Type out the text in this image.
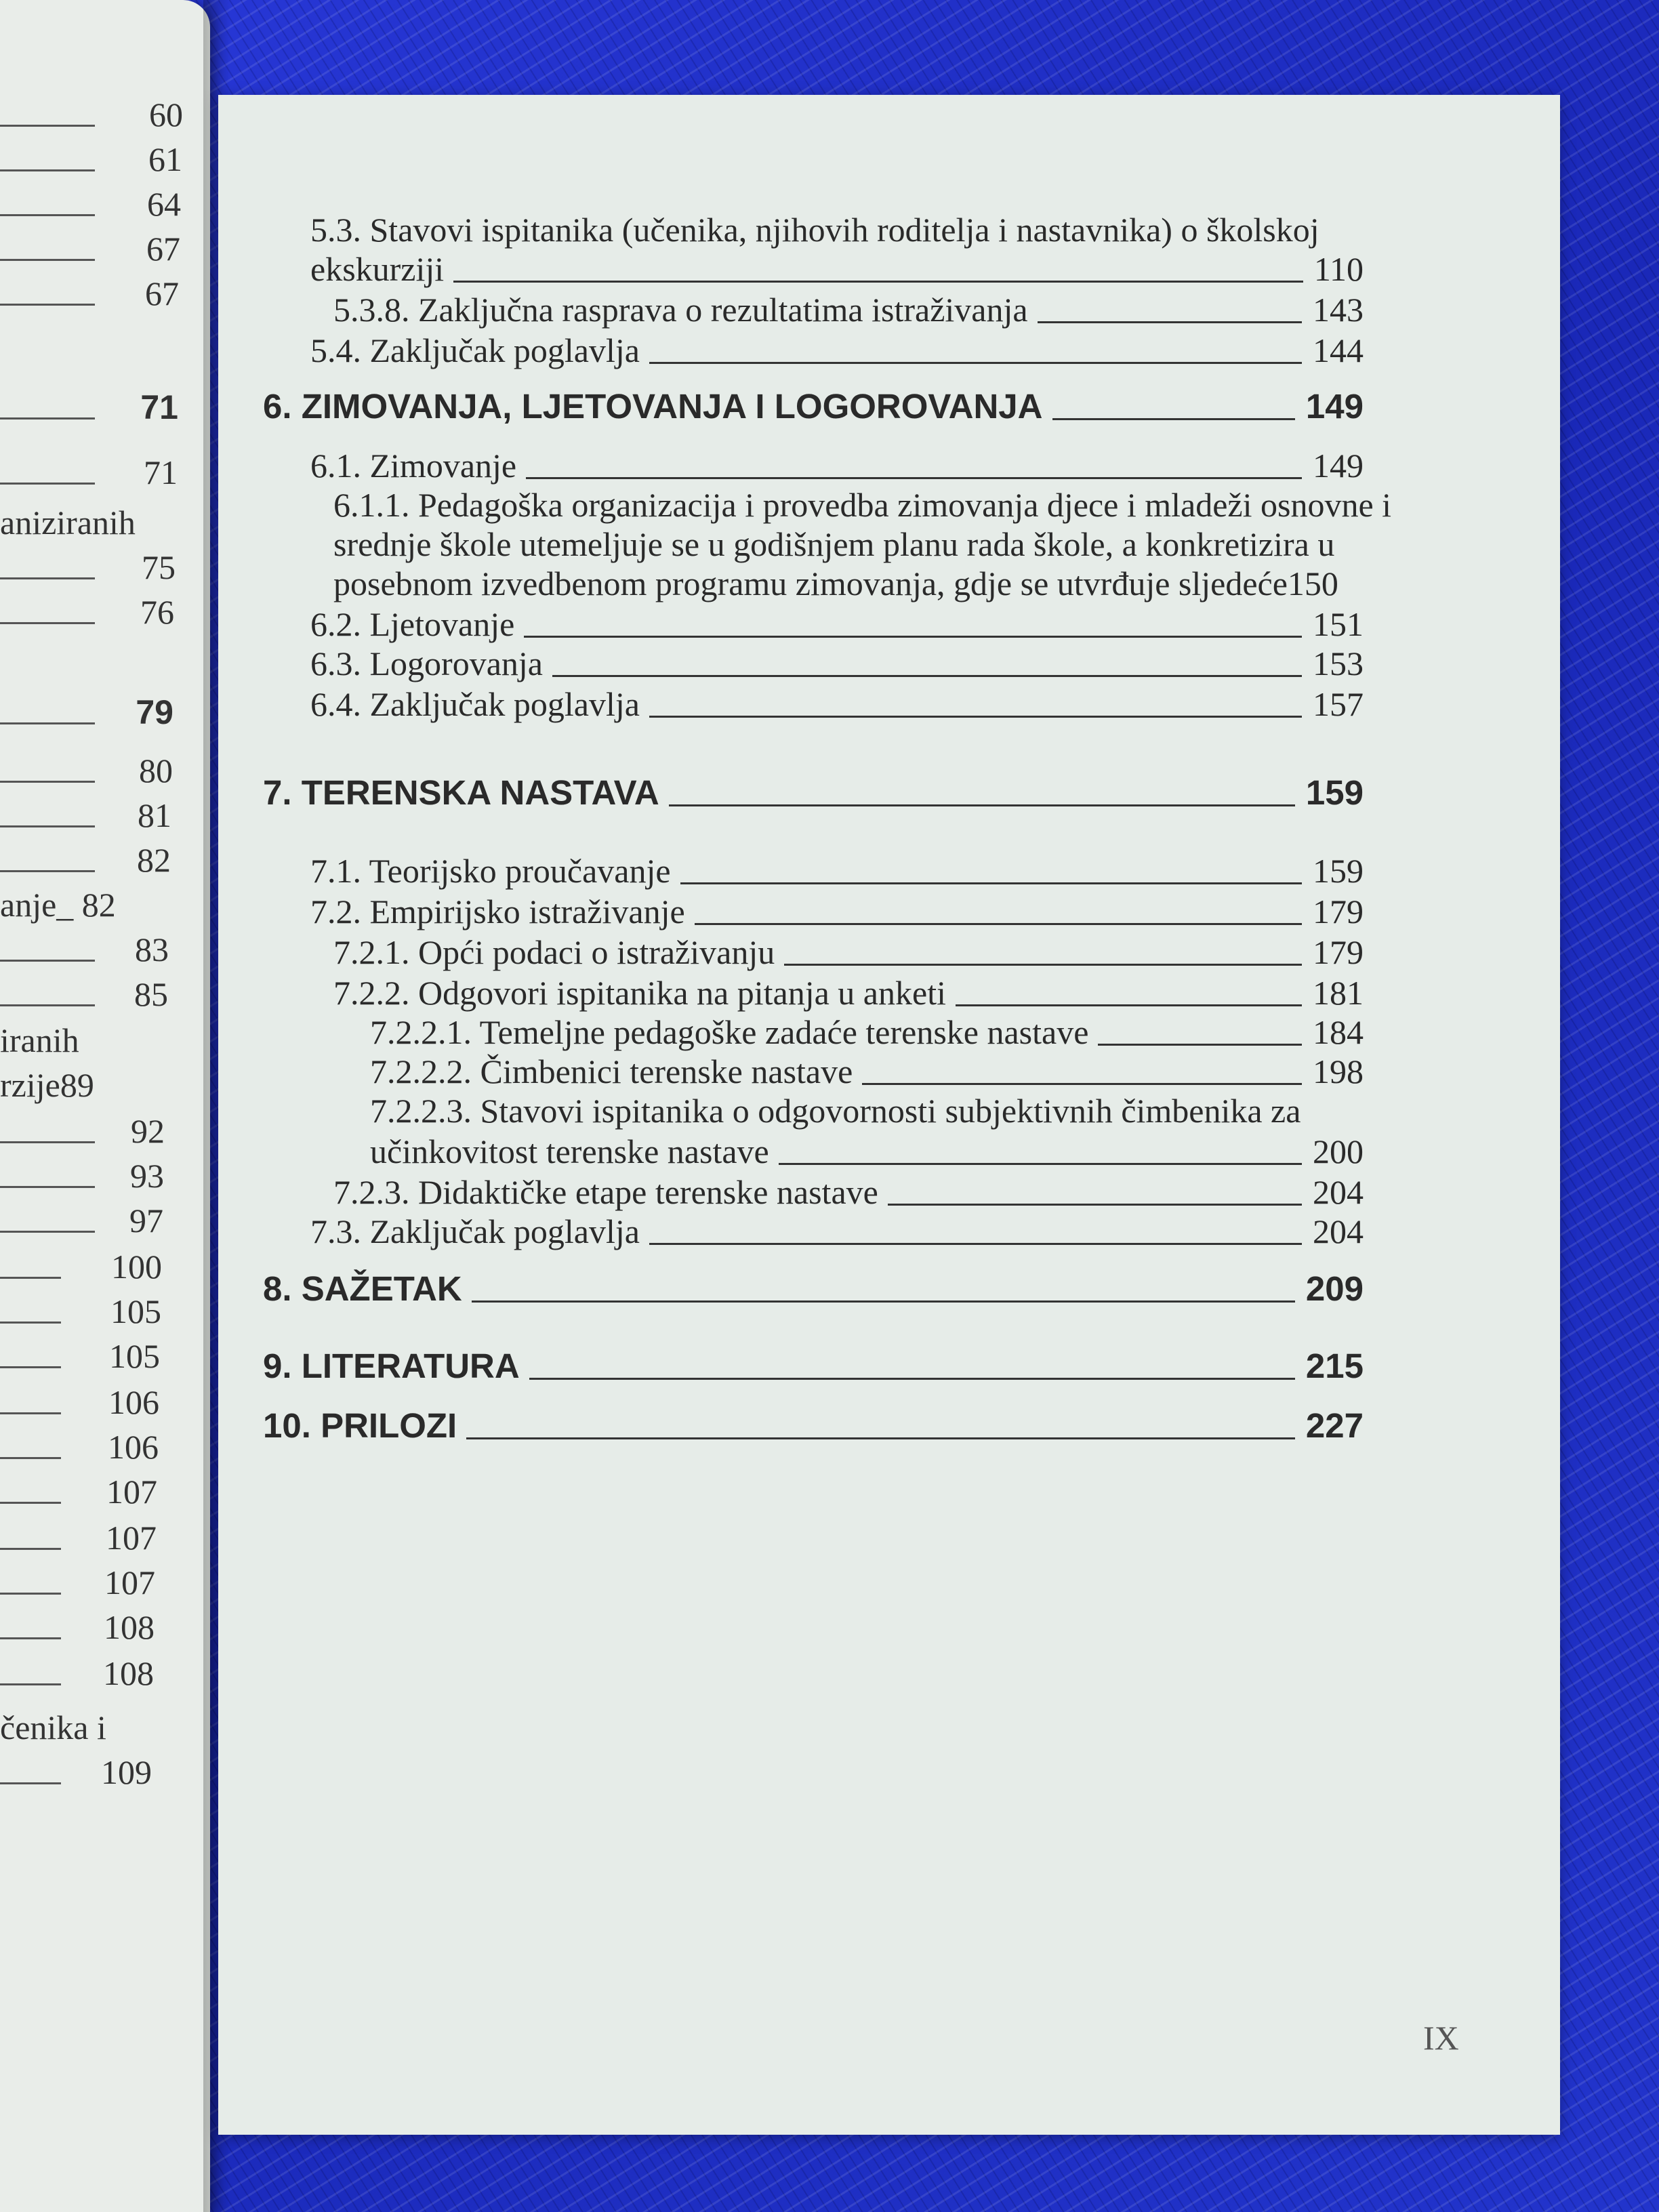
60
61
64
67
67
71
71
aniziranih
75
76
79
80
81
82
anje_ 82
83
85
iranih
rzije89
92
93
97
100
105
105
106
106
107
107
107
108
108
čenika i
109
5.3. Stavovi ispitanika (učenika, njihovih roditelja i nastavnika) o školskoj
ekskurziji	110
5.3.8. Zaključna rasprava o rezultatima istraživanja	143
5.4. Zaključak poglavlja	144
6. ZIMOVANJA, LJETOVANJA I LOGOROVANJA	149
6.1. Zimovanje	149
6.1.1. Pedagoška organizacija i provedba zimovanja djece i mladeži osnovne i
srednje škole utemeljuje se u godišnjem planu rada škole, a konkretizira u
posebnom izvedbenom programu zimovanja, gdje se utvrđuje sljedeće150
6.2. Ljetovanje	151
6.3. Logorovanja	153
6.4. Zaključak poglavlja	157
7. TERENSKA NASTAVA	159
7.1. Teorijsko proučavanje	159
7.2. Empirijsko istraživanje	179
7.2.1. Opći podaci o istraživanju	179
7.2.2. Odgovori ispitanika na pitanja u anketi	181
7.2.2.1. Temeljne pedagoške zadaće terenske nastave	184
7.2.2.2. Čimbenici terenske nastave	198
7.2.2.3. Stavovi ispitanika o odgovornosti subjektivnih čimbenika za
učinkovitost terenske nastave	200
7.2.3. Didaktičke etape terenske nastave	204
7.3. Zaključak poglavlja	204
8. SAŽETAK	209
9. LITERATURA	215
10. PRILOZI	227
IX
